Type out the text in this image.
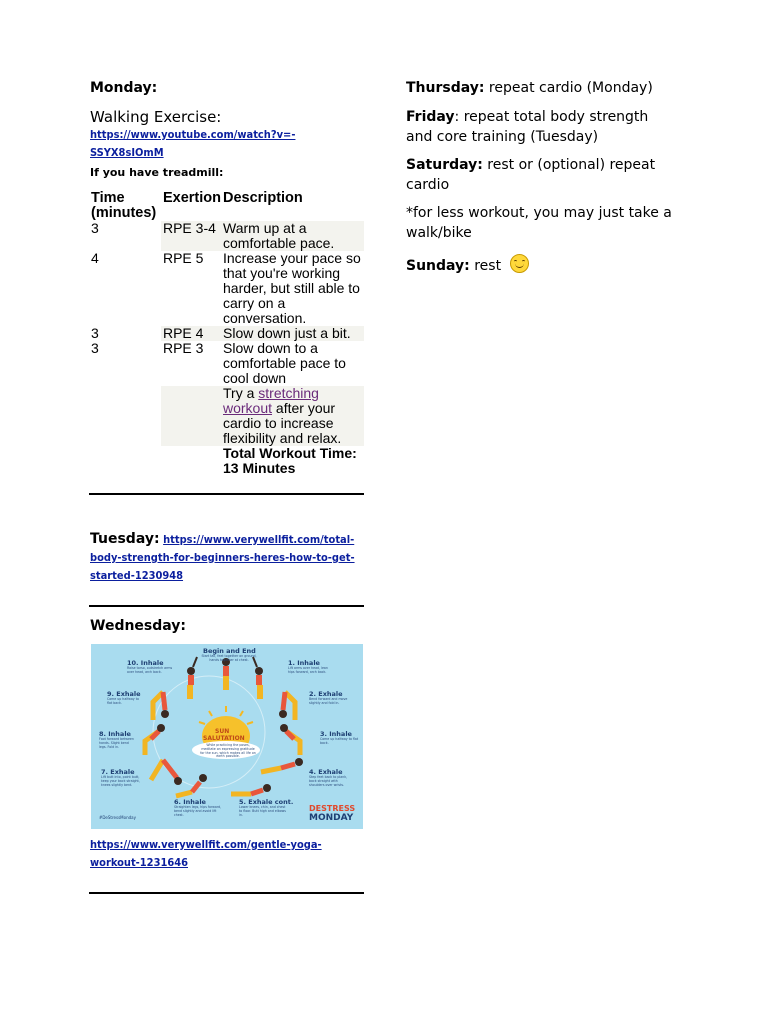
Monday:
Walking Exercise:
https://www.youtube.com/watch?v=-
SSYX8sIOmM
If you have treadmill:
Time (minutes)	Exertion	Description
3	RPE 3-4	Warm up at a comfortable pace.
4	RPE 5	Increase your pace so that you're working harder, but still able to carry on a conversation.
3	RPE 4	Slow down just a bit.
3	RPE 3	Slow down to a comfortable pace to cool down
		Try a stretching workout after your cardio to increase flexibility and relax.
		Total Workout Time: 13 Minutes
Tuesday: https://www.verywellfit.com/total-
body-strength-for-beginners-heres-how-to-get-
started-1230948
Wednesday:
SUN
SALUTATION
While practicing the poses, meditate on expressing gratitude for the sun, which makes all life on earth possible.
Begin and End
Start tall, feet together on ground, hands together at chest.	1. Inhale
Lift arms over head, lean hips forward, arch back.
2. Exhale
Bend forward and move slightly and fold in.
3. Inhale
Come up halfway to flat back.
4. Exhale
Step feet back to plank, back straight with shoulders over wrists.
5. Exhale cont.
Lower knees, chin, and chest to floor. Butt high and elbows in.
6. Inhale
Straighten legs, hips forward, bend slightly and avoid lift chest.
7. Exhale
Lift butt into, point butt, keep your back straight, knees slightly bent.
8. Inhale
Foot forward between hands. Slight bend legs. Fold in.
9. Exhale
Come up halfway to flat back.
10. Inhale
Raise torso, outstretch arms over head, arch back.
#DeStressMonday
DESTRESS
MONDAY
https://www.verywellfit.com/gentle-yoga-
workout-1231646
Thursday: repeat cardio (Monday)
Friday: repeat total body strength and core training (Tuesday)
Saturday: rest or (optional) repeat cardio
*for less workout, you may just take a walk/bike
Sunday: rest
